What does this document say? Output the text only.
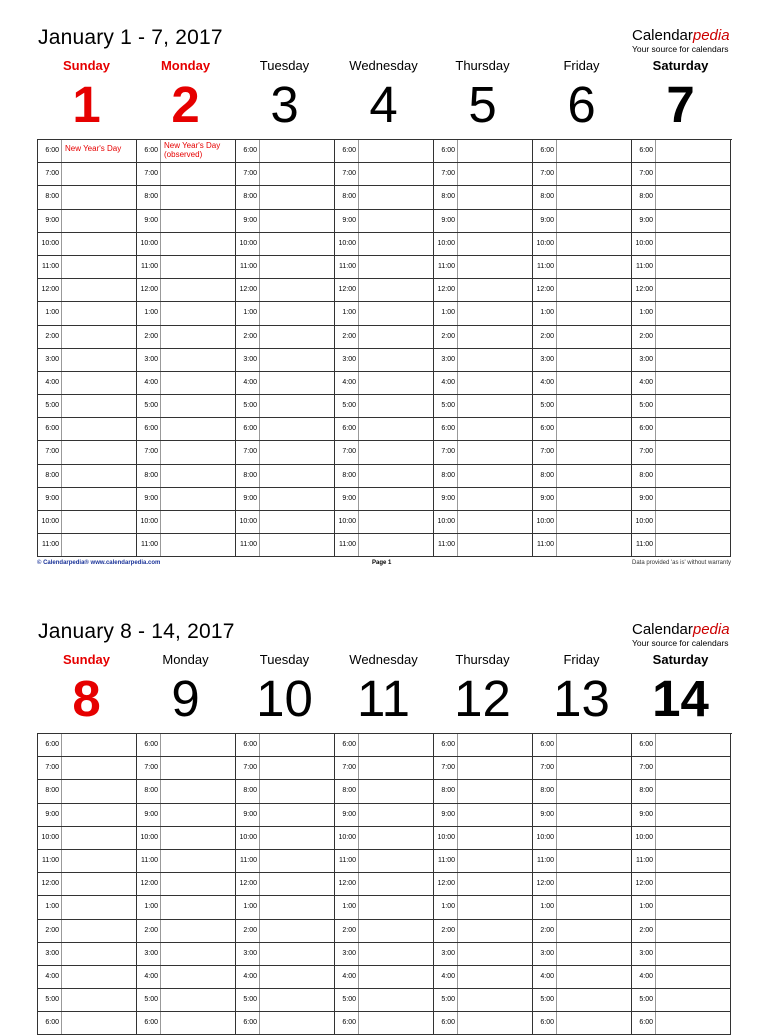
January 1 - 7, 2017	Calendarpedia
Your source for calendars
Sunday
1
Monday
2
Tuesday
3
Wednesday
4
Thursday
5
Friday
6
Saturday
7
6:00 New Year's Day	6:00
New Year's Day
(observed)	6:00	6:00	6:00	6:00	6:00
7:00	7:00	7:00	7:00	7:00	7:00	7:00
8:00	8:00	8:00	8:00	8:00	8:00	8:00
9:00	9:00	9:00	9:00	9:00	9:00	9:00
10:00	10:00	10:00	10:00	10:00	10:00	10:00
11:00	11:00	11:00	11:00	11:00	11:00	11:00
12:00	12:00	12:00	12:00	12:00	12:00	12:00
1:00	1:00	1:00	1:00	1:00	1:00	1:00
2:00	2:00	2:00	2:00	2:00	2:00	2:00
3:00	3:00	3:00	3:00	3:00	3:00	3:00
4:00	4:00	4:00	4:00	4:00	4:00	4:00
5:00	5:00	5:00	5:00	5:00	5:00	5:00
6:00	6:00	6:00	6:00	6:00	6:00	6:00
7:00	7:00	7:00	7:00	7:00	7:00	7:00
8:00	8:00	8:00	8:00	8:00	8:00	8:00
9:00	9:00	9:00	9:00	9:00	9:00	9:00
10:00	10:00	10:00	10:00	10:00	10:00	10:00
11:00	11:00	11:00	11:00	11:00	11:00	11:00
© Calendarpedia® www.calendarpedia.com	Page 1	Data provided 'as is' without warranty
January 8 - 14, 2017	Calendarpedia
Your source for calendars
Sunday
8
Monday
9
Tuesday
10
Wednesday
11
Thursday
12
Friday
13
Saturday
14
6:00	6:00	6:00	6:00	6:00	6:00	6:00
7:00	7:00	7:00	7:00	7:00	7:00	7:00
8:00	8:00	8:00	8:00	8:00	8:00	8:00
9:00	9:00	9:00	9:00	9:00	9:00	9:00
10:00	10:00	10:00	10:00	10:00	10:00	10:00
11:00	11:00	11:00	11:00	11:00	11:00	11:00
12:00	12:00	12:00	12:00	12:00	12:00	12:00
1:00	1:00	1:00	1:00	1:00	1:00	1:00
2:00	2:00	2:00	2:00	2:00	2:00	2:00
3:00	3:00	3:00	3:00	3:00	3:00	3:00
4:00	4:00	4:00	4:00	4:00	4:00	4:00
5:00	5:00	5:00	5:00	5:00	5:00	5:00
6:00	6:00	6:00	6:00	6:00	6:00	6:00
